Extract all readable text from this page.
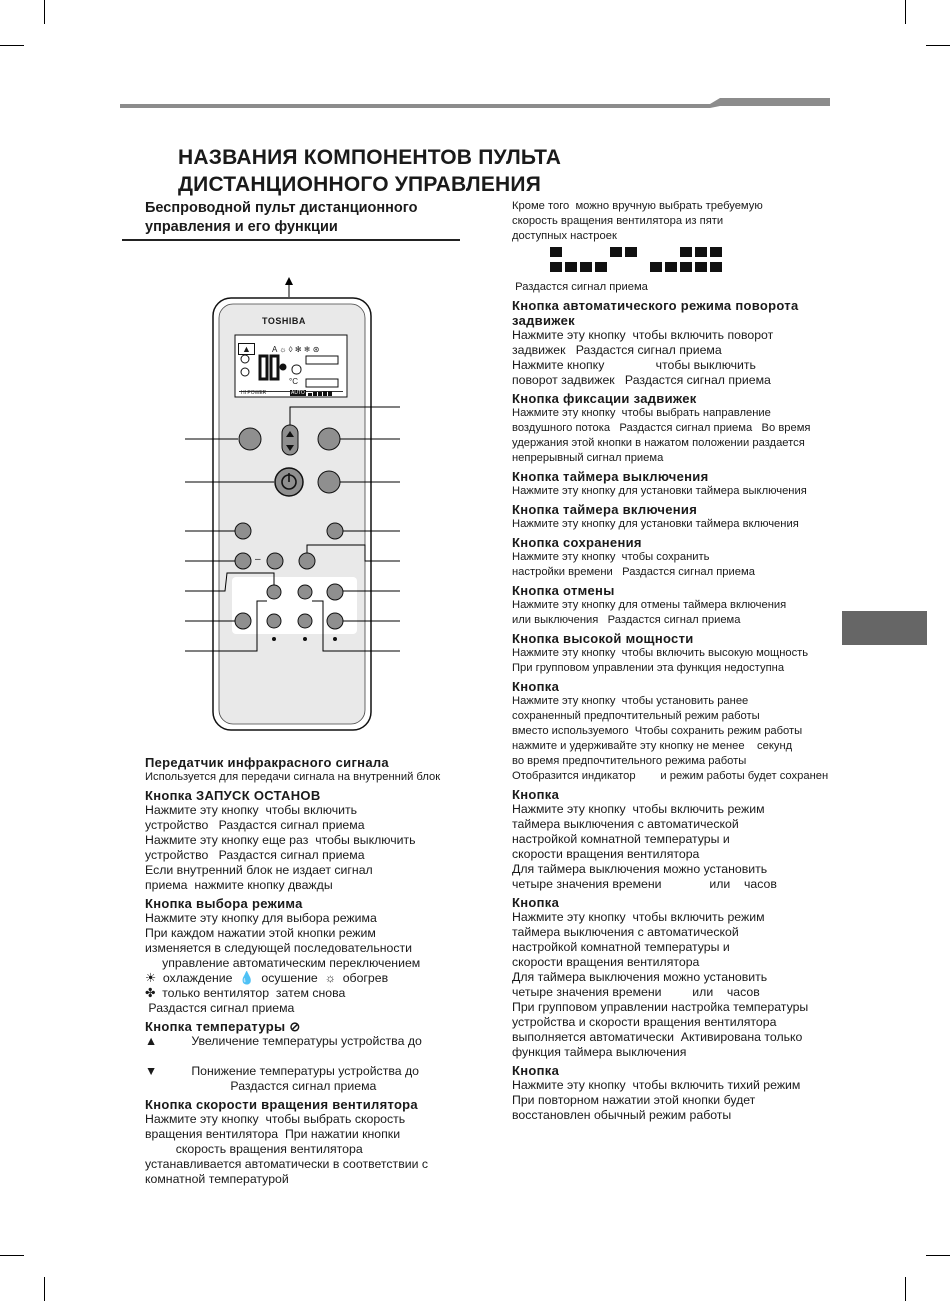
НАЗВАНИЯ КОМПОНЕНТОВ ПУЛЬТА
ДИСТАНЦИОННОГО УПРАВЛЕНИЯ
Беспроводной пульт дистанционного
управления и его функции
TOSHIBA
HI POWER	AUTO
°C
A ☼ ◊ ✻ ❄ ⊛
▲
–
Передатчик инфракрасного сигнала
Используется для передачи сигнала на внутренний блок
Кнопка ЗАПУСК ОСТАНОВ
Нажмите эту кнопку  чтобы включить
устройство   Раздастся сигнал приема
Нажмите эту кнопку еще раз  чтобы выключить
устройство   Раздастся сигнал приема
Если внутренний блок не издает сигнал
приема  нажмите кнопку дважды
Кнопка выбора режима
Нажмите эту кнопку для выбора режима
При каждом нажатии этой кнопки режим
изменяется в следующей последовательности
управление автоматическим переключением
☀  охлаждение  💧  осушение  ☼  обогрев
✤  только вентилятор  затем снова
Раздастся сигнал приема
Кнопка температуры ⊘
▲          Увеличение температуры устройства до

▼          Понижение температуры устройства до
Раздастся сигнал приема
Кнопка скорости вращения вентилятора
Нажмите эту кнопку  чтобы выбрать скорость
вращения вентилятора  При нажатии кнопки
скорость вращения вентилятора
устанавливается автоматически в соответствии с
комнатной температурой
Кроме того  можно вручную выбрать требуемую
скорость вращения вентилятора из пяти
доступных настроек
Раздастся сигнал приема
Кнопка автоматического режима поворота задвижек
Нажмите эту кнопку  чтобы включить поворот
задвижек   Раздастся сигнал приема
Нажмите кнопку               чтобы выключить
поворот задвижек   Раздастся сигнал приема
Кнопка фиксации задвижек
Нажмите эту кнопку  чтобы выбрать направление
воздушного потока   Раздастся сигнал приема   Во время
удержания этой кнопки в нажатом положении раздается
непрерывный сигнал приема
Кнопка таймера выключения
Нажмите эту кнопку для установки таймера выключения
Кнопка таймера включения
Нажмите эту кнопку для установки таймера включения
Кнопка сохранения
Нажмите эту кнопку  чтобы сохранить
настройки времени   Раздастся сигнал приема
Кнопка отмены
Нажмите эту кнопку для отмены таймера включения
или выключения   Раздастся сигнал приема
Кнопка высокой мощности
Нажмите эту кнопку  чтобы включить высокую мощность
При групповом управлении эта функция недоступна
Кнопка
Нажмите эту кнопку  чтобы установить ранее
сохраненный предпочтительный режим работы
вместо используемого  Чтобы сохранить режим работы
нажмите и удерживайте эту кнопку не менее    секунд
во время предпочтительного режима работы
Отобразится индикатор        и режим работы будет сохранен
Кнопка
Нажмите эту кнопку  чтобы включить режим
таймера выключения с автоматической
настройкой комнатной температуры и
скорости вращения вентилятора
Для таймера выключения можно установить
четыре значения времени              или    часов
Кнопка
Нажмите эту кнопку  чтобы включить режим
таймера выключения с автоматической
настройкой комнатной температуры и
скорости вращения вентилятора
Для таймера выключения можно установить
четыре значения времени         или    часов
При групповом управлении настройка температуры
устройства и скорости вращения вентилятора
выполняется автоматически  Активирована только
функция таймера выключения
Кнопка
Нажмите эту кнопку  чтобы включить тихий режим
При повторном нажатии этой кнопки будет
восстановлен обычный режим работы
